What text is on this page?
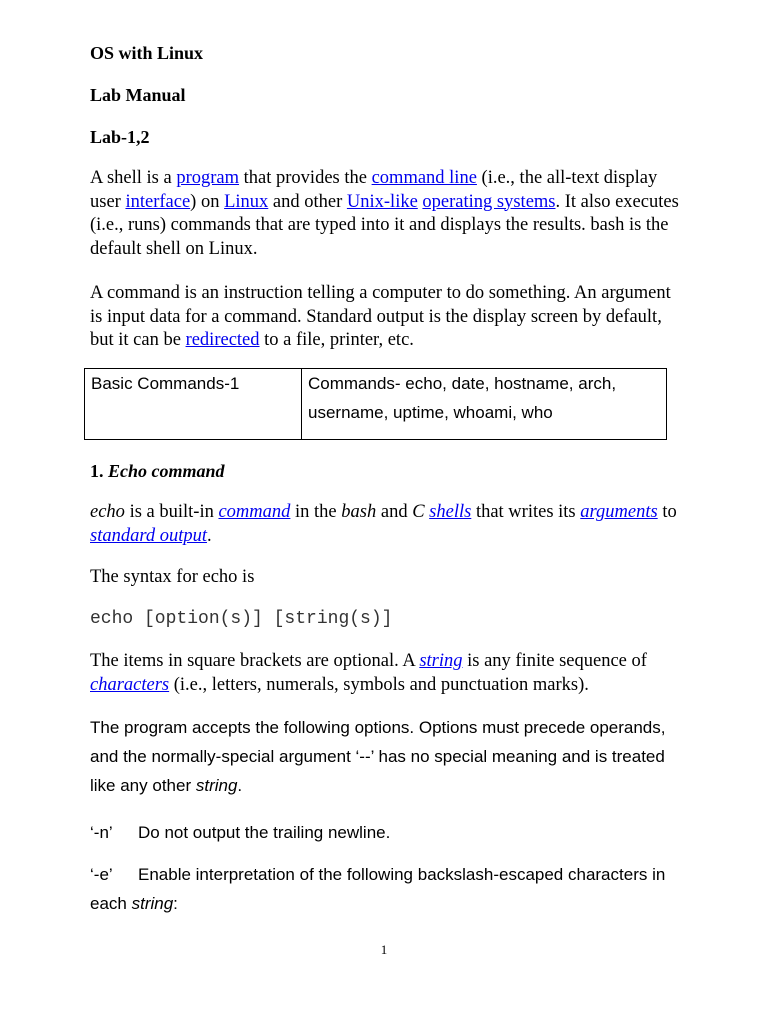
OS with Linux

Lab Manual

Lab-1,2

A shell is a program that provides the command line (i.e., the all-text display user interface) on Linux and other Unix-like operating systems. It also executes (i.e., runs) commands that are typed into it and displays the results. bash is the default shell on Linux.

A command is an instruction telling a computer to do something. An argument is input data for a command. Standard output is the display screen by default, but it can be redirected to a file, printer, etc.

Basic Commands-1	Commands- echo, date, hostname, arch, username, uptime, whoami, who

1. Echo command

echo is a built-in command in the bash and C shells that writes its arguments to standard output.

The syntax for echo is

echo [option(s)] [string(s)]

The items in square brackets are optional. A string is any finite sequence of characters (i.e., letters, numerals, symbols and punctuation marks).

The program accepts the following options. Options must precede operands, and the normally-special argument ‘--’ has no special meaning and is treated like any other string.

‘-n’ Do not output the trailing newline.

‘-e’ Enable interpretation of the following backslash-escaped characters in each string:

1
